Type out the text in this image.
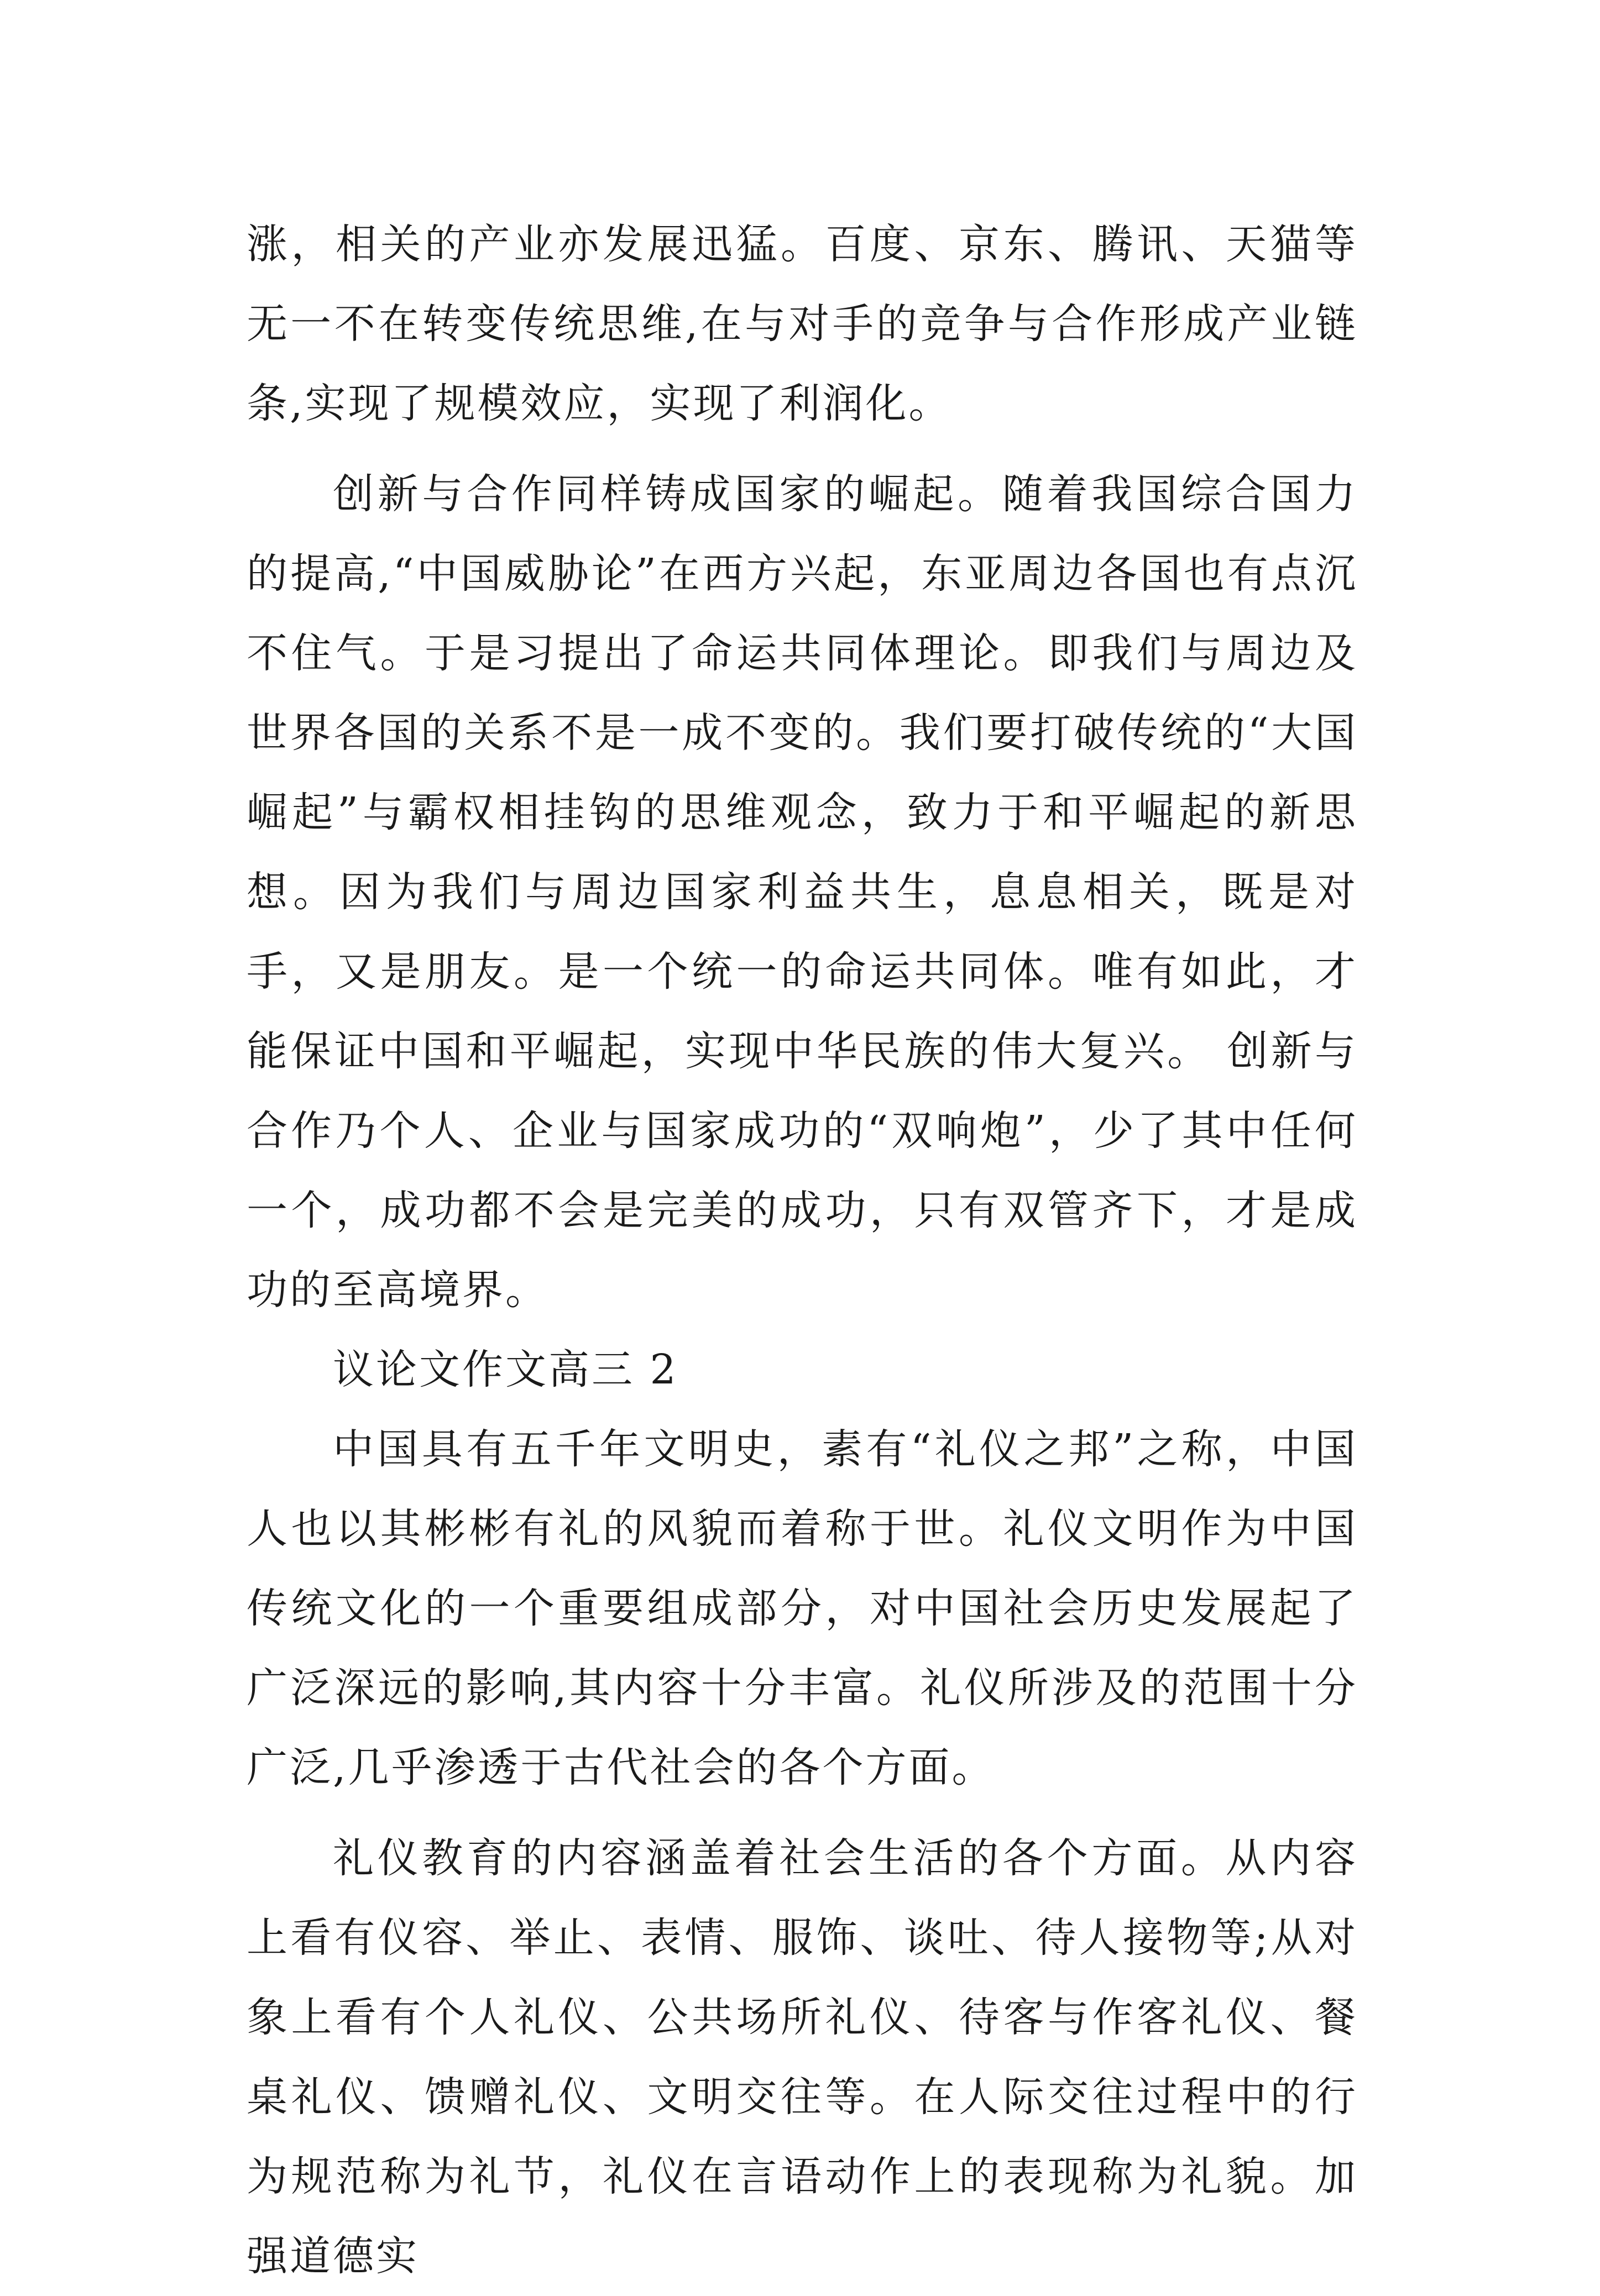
涨，相关的产业亦发展迅猛。百度、京东、腾讯、天猫等无一不在转变传统思维,在与对手的竞争与合作形成产业链条,实现了规模效应，实现了利润化。

创新与合作同样铸成国家的崛起。随着我国综合国力的提高,“中国威胁论”在西方兴起，东亚周边各国也有点沉不住气。于是习提出了命运共同体理论。即我们与周边及世界各国的关系不是一成不变的。我们要打破传统的“大国崛起”与霸权相挂钩的思维观念，致力于和平崛起的新思想。因为我们与周边国家利益共生，息息相关，既是对手，又是朋友。是一个统一的命运共同体。唯有如此，才能保证中国和平崛起，实现中华民族的伟大复兴。 创新与合作乃个人、企业与国家成功的“双响炮”，少了其中任何一个，成功都不会是完美的成功，只有双管齐下，才是成功的至高境界。

议论文作文高三 2

中国具有五千年文明史，素有“礼仪之邦”之称，中国人也以其彬彬有礼的风貌而着称于世。礼仪文明作为中国传统文化的一个重要组成部分，对中国社会历史发展起了广泛深远的影响,其内容十分丰富。礼仪所涉及的范围十分广泛,几乎渗透于古代社会的各个方面。

礼仪教育的内容涵盖着社会生活的各个方面。从内容上看有仪容、举止、表情、服饰、谈吐、待人接物等;从对象上看有个人礼仪、公共场所礼仪、待客与作客礼仪、餐桌礼仪、馈赠礼仪、文明交往等。在人际交往过程中的行为规范称为礼节，礼仪在言语动作上的表现称为礼貌。加强道德实
